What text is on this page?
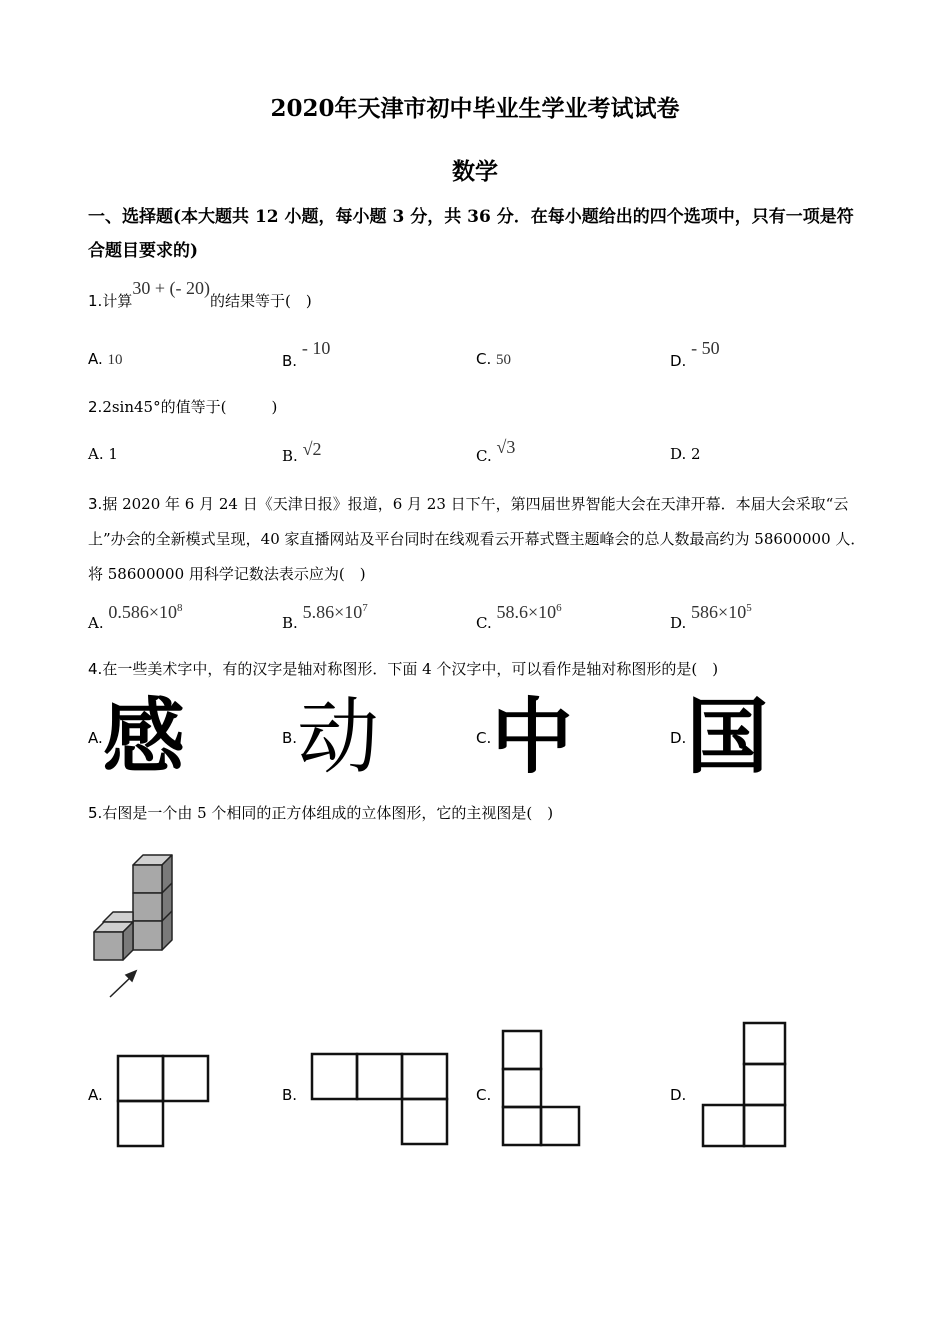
2020年天津市初中毕业生学业考试试卷
数学
一、选择题(本大题共 12 小题，每小题 3 分，共 36 分．在每小题给出的四个选项中，只有一项是符合题目要求的)
1.计算30 + (- 20)的结果等于(　)
A. 10	B. - 10
C. 50	D. - 50
2.2sin45°的值等于(　　　)
A. 1	B. √2	C. √3	D. 2
3.据 2020 年 6 月 24 日《天津日报》报道，6 月 23 日下午，第四届世界智能大会在天津开幕．本届大会采取“云上”办会的全新模式呈现，40 家直播网站及平台同时在线观看云开幕式暨主题峰会的总人数最高约为 58600000 人．将 58600000 用科学记数法表示应为(　)
A. $0.586\times 10^8$
B. $5.86\times 10^7$
C. $58.6\times 10^6$
D. $586\times 10^5$
4.在一些美术字中，有的汉字是轴对称图形．下面 4 个汉字中，可以看作是轴对称图形的是(　)
A. 感	B. 动	C. 中	D. 国
5.右图是一个由 5 个相同的正方体组成的立体图形，它的主视图是(　)
A.	B.	C.	D.
